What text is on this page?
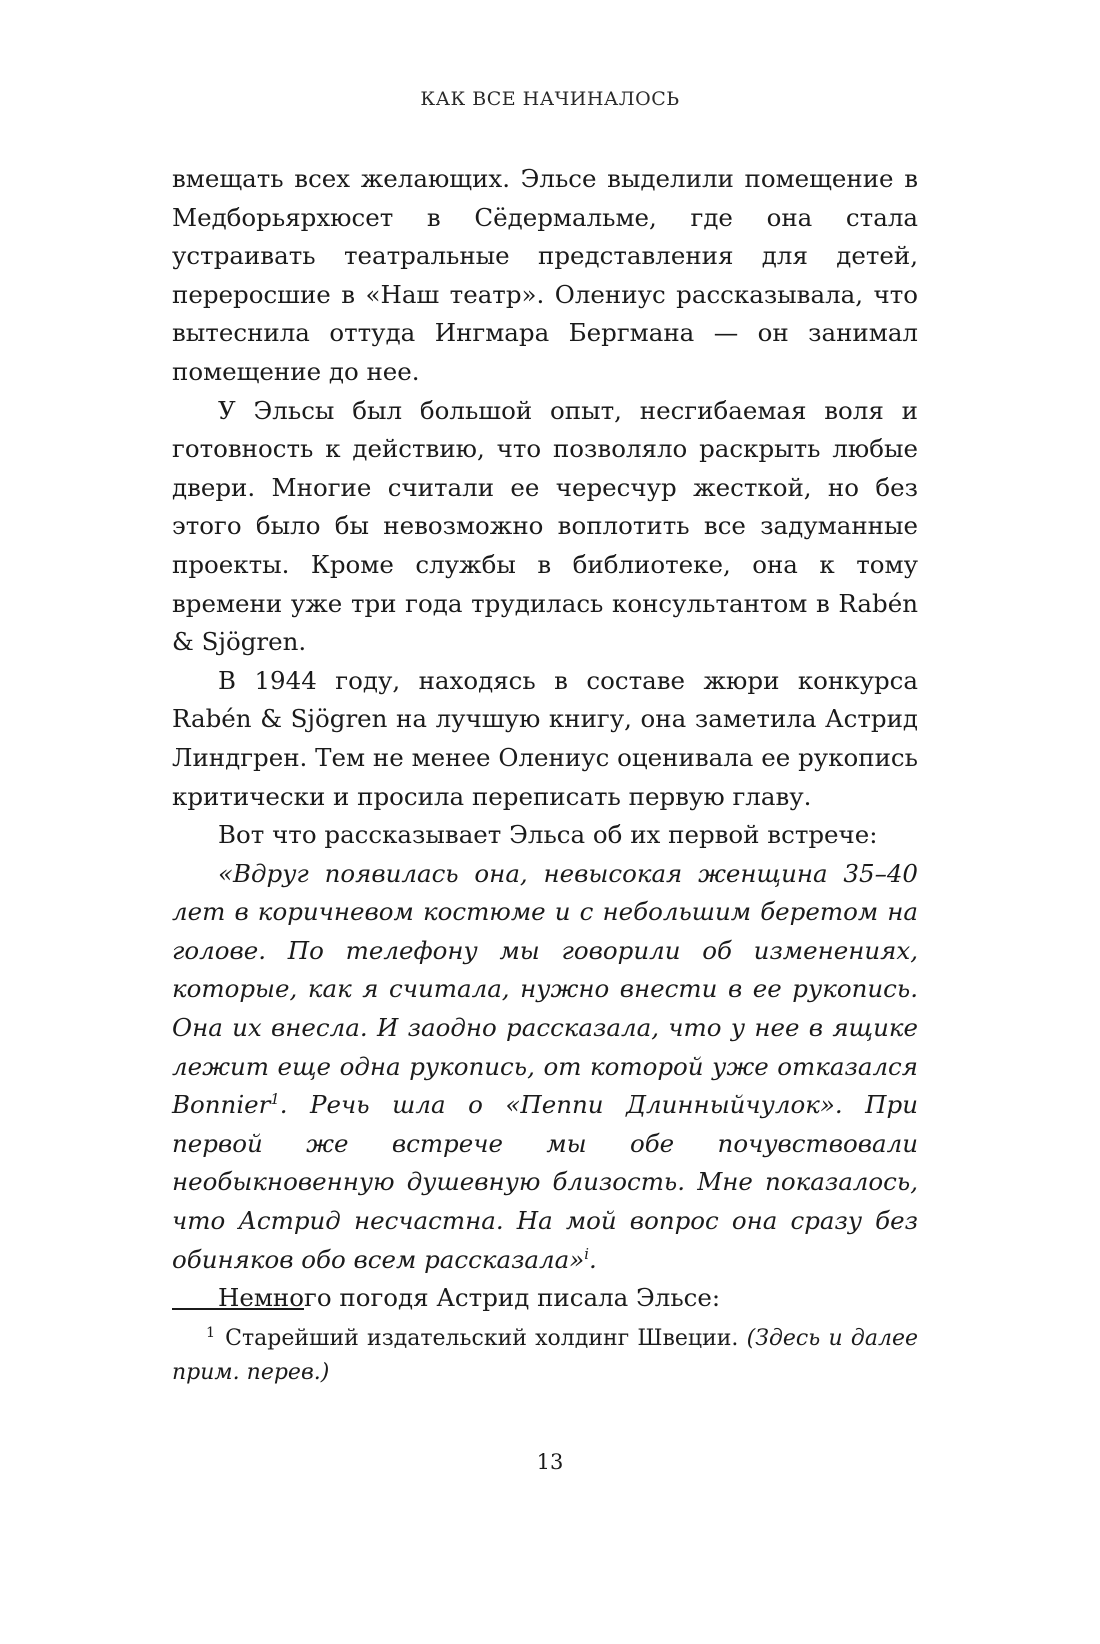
КАК ВСЕ НАЧИНАЛОСЬ

вмещать всех желающих. Эльсе выделили помещение в Медборьярхюсет в Сёдермальме, где она стала устраивать театральные представления для детей, переросшие в «Наш театр». Олениус рассказывала, что вытеснила оттуда Ингмара Бергмана — он занимал помещение до нее.

У Эльсы был большой опыт, несгибаемая воля и готовность к действию, что позволяло раскрыть любые двери. Многие считали ее чересчур жесткой, но без этого было бы невозможно воплотить все задуманные проекты. Кроме службы в библиотеке, она к тому времени уже три года трудилась консультантом в Rabén & Sjögren.

В 1944 году, находясь в составе жюри конкурса Rabén & Sjögren на лучшую книгу, она заметила Астрид Линдгрен. Тем не менее Олениус оценивала ее рукопись критически и просила переписать первую главу.

Вот что рассказывает Эльса об их первой встрече:

«Вдруг появилась она, невысокая женщина 35–40 лет в коричневом костюме и с небольшим беретом на голове. По телефону мы говорили об изменениях, которые, как я считала, нужно внести в ее рукопись. Она их внесла. И заодно рассказала, что у нее в ящике лежит еще одна рукопись, от которой уже отказался Bonnier$^1$. Речь шла о «Пеппи Длинныйчулок». При первой же встрече мы обе почувствовали необыкновенную душевную близость. Мне показалось, что Астрид несчастна. На мой вопрос она сразу без обиняков обо всем рассказала»$^i$.

Немного погодя Астрид писала Эльсе:

$^1$ Старейший издательский холдинг Швеции. (Здесь и далее прим. перев.)

13
